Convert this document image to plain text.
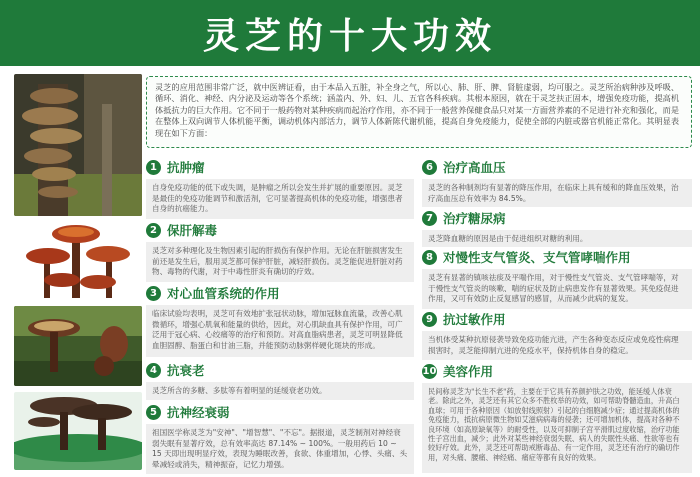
灵芝的十大功效
灵芝的应用范围非常广泛，就中医辨证看，由于本品入五脏，补全身之气，所以心、肺、肝、脾、肾脏虚弱，均可服之。灵芝所治病种涉及呼吸、循环、消化、神经、内分泌及运动等各个系统；涵盖内、外、妇、儿、五官各科疾病。其根本原因，就在于灵芝扶正固本，增强免疫功能，提高机体抵抗力的巨大作用。它不同于一般药物对某种疾病而起治疗作用，亦不同于一般营养保健食品只对某一方面营养素的不足进行补充和强化，而是在整体上双向调节人体机能平衡，调动机体内部活力，调节人体新陈代谢机能，提高自身免疫能力，促使全部的内脏或器官机能正常化。其明显表现在如下方面：
1 抗肿瘤
自身免疫功能的低下或失调，是肿瘤之所以会发生并扩展的重要原因。灵芝是最佳的免疫功能调节和激活剂，它可显著提高机体的免疫功能，增强患者自身的抗癌能力。
2 保肝解毒
灵芝对多种理化及生物因素引起的肝损伤有保护作用。无论在肝脏损害发生前还是发生后，服用灵芝都可保护肝脏，减轻肝损伤。灵芝能促进肝脏对药物、毒物的代谢，对于中毒性肝炎有确切的疗效。
3 对心血管系统的作用
临床试验均表明，灵芝可有效地扩张冠状动脉，增加冠脉血流量，改善心肌微循环，增强心肌氧和能量的供给，因此，对心肌缺血具有保护作用，可广泛用于冠心病、心绞痛等的治疗和预防。对高血脂病患者，灵芝可明显降低血胆固醇、脂蛋白和甘油三脂，并能预防动脉粥样硬化斑块的形成。
4 抗衰老
灵芝所含的多糖、多肽等有着明显的延缓衰老功效。
5 抗神经衰弱
祖国医学称灵芝为"安神"、"增智慧"、"不忘"。据报道，灵芝制剂对神经衰弱失眠有显著疗效，总有效率高达 87.14% ~ 100%。一般用药后 10 ~ 15 天即出现明显疗效，表现为睡眠改善，食欲、体重增加，心悸、头痛、头晕减轻或消失，精神振奋，记忆力增强。
6 治疗高血压
灵芝的各种制剂均有显著的降压作用，在临床上具有缓和的降血压效果，治疗高血压总有效率为 84.5%。
7 治疗糖尿病
灵芝降血糖的原因是由于促进组织对糖的利用。
8 对慢性支气管炎、支气管哮喘作用
灵芝有显著的镇咳祛痰及平喘作用，对于慢性支气管炎、支气管哮喘等，对于慢性支气管炎的咳嗽、喘的症状及防止病患发作有显著效果。其免疫促进作用，又可有效防止反复感冒的感冒，从而减少此病的复发。
9 抗过敏作用
当机体受某种抗原侵袭导致免疫功能亢进，产生各种变态反应或免疫性病理损害时，灵芝能抑制亢进的免疫水平，保持机体自身的稳定。
10 美容作用
民间称灵芝为"长生不老"药，主要在于它具有养颜护肤之功效，能延缓人体衰老。除此之外，灵芝还有其它众多不胜枚举的功效，如可帮助脊髓造血，升高白血球；可用于各种原因（如放射线照射）引起的白细胞减少症；通过提高机体的免疫能力，抵抗病原微生物如艾滋病病毒的侵袭；还可增加机体，提高对各种不良环境（如高原缺氧等）的耐受性，以及可抑制子宫平滑肌过度收缩，治疗功能性子宫出血，减少；此外对某些神经衰弱失眠、病人的失眠性头痛、性欲等也有较好疗效。此外，灵芝还可帮助戒断毒品、有一定作用，灵芝还有治疗的确切作用，对头痛、腰痛、神经痛、痛症等都有良好的效果。
